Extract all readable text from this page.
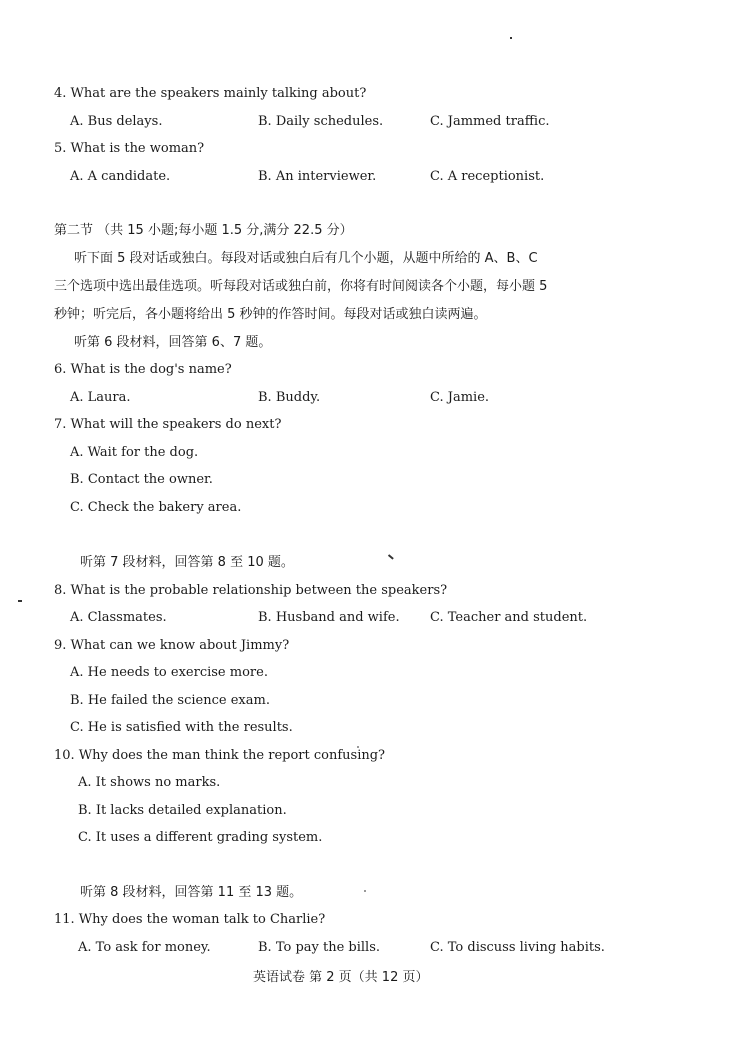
4. What are the speakers mainly talking about?
A. Bus delays.	B. Daily schedules.	C. Jammed traffic.
5. What is the woman?
A. A candidate.	B. An interviewer.	C. A receptionist.
第二节 （共 15 小题;每小题 1.5 分,满分 22.5 分）
听下面 5 段对话或独白。每段对话或独白后有几个小题，从题中所给的 A、B、C
三个选项中选出最佳选项。听每段对话或独白前，你将有时间阅读各个小题，每小题 5
秒钟；听完后，各小题将给出 5 秒钟的作答时间。每段对话或独白读两遍。
听第 6 段材料，回答第 6、7 题。
6. What is the dog's name?
A. Laura.	B. Buddy.	C. Jamie.
7. What will the speakers do next?
A. Wait for the dog.
B. Contact the owner.
C. Check the bakery area.
听第 7 段材料，回答第 8 至 10 题。
8. What is the probable relationship between the speakers?
A. Classmates.	B. Husband and wife. C. Teacher and student.
9. What can we know about Jimmy?
A. He needs to exercise more.
B. He failed the science exam.
C. He is satisfied with the results.
10. Why does the man think the report confusing?
A. It shows no marks.
B. It lacks detailed explanation.
C. It uses a different grading system.
听第 8 段材料，回答第 11 至 13 题。
11. Why does the woman talk to Charlie?
A. To ask for money.	B. To pay the bills.	C. To discuss living habits.
英语试卷 第 2 页（共 12 页）
